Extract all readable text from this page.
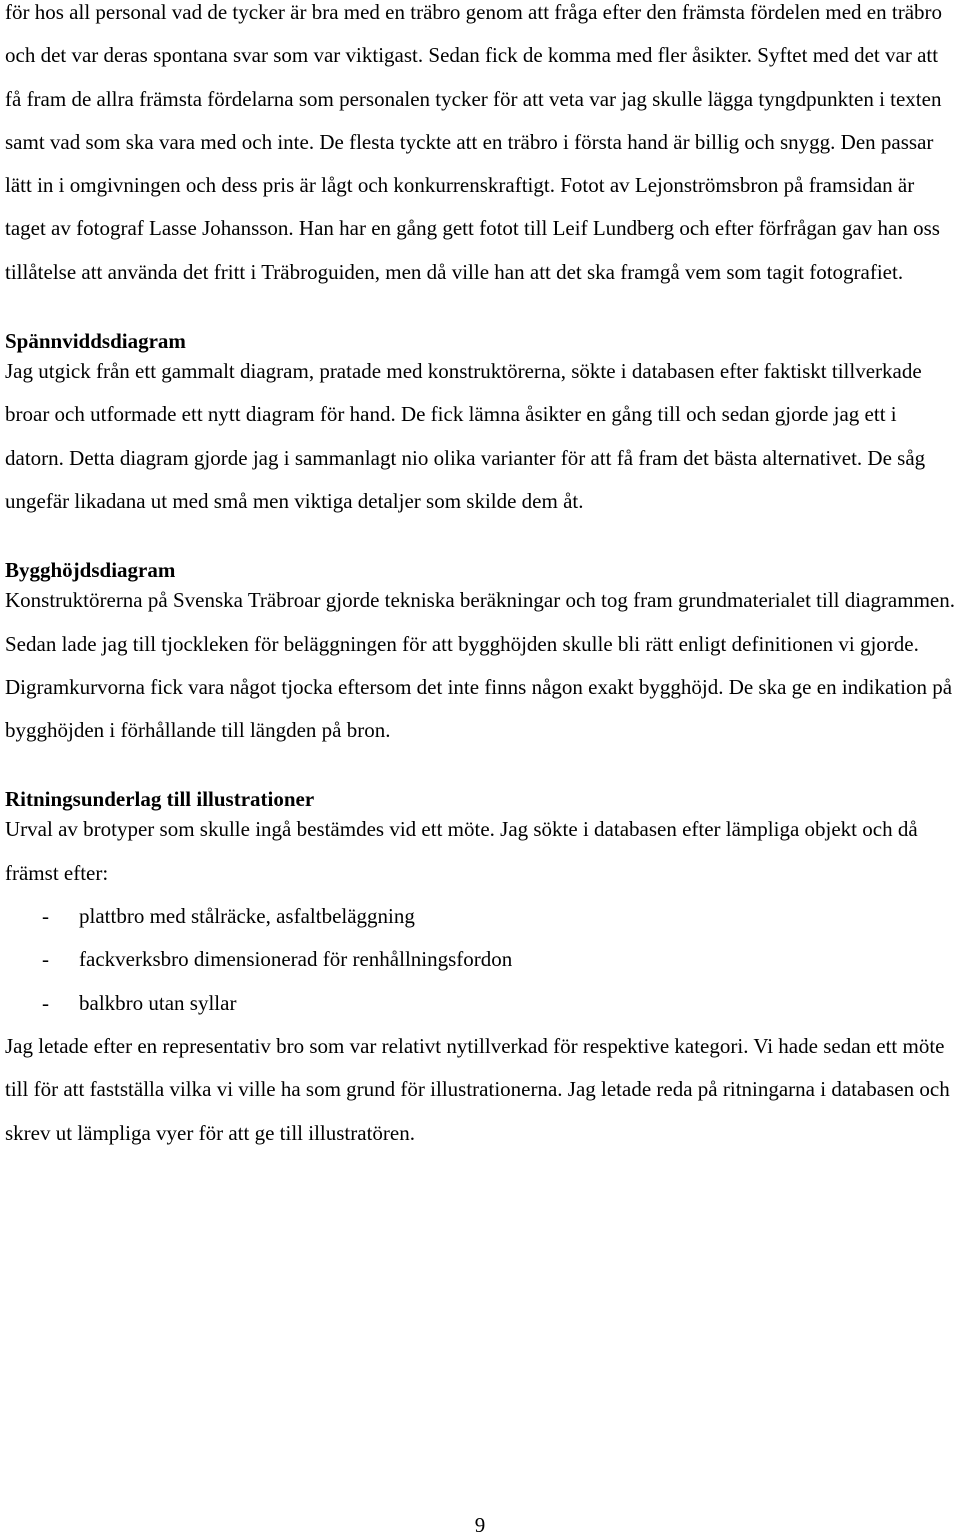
för hos all personal vad de tycker är bra med en träbro genom att fråga efter den främsta fördelen med en träbro och det var deras spontana svar som var viktigast. Sedan fick de komma med fler åsikter. Syftet med det var att få fram de allra främsta fördelarna som personalen tycker för att veta var jag skulle lägga tyngdpunkten i texten samt vad som ska vara med och inte. De flesta tyckte att en träbro i första hand är billig och snygg. Den passar lätt in i omgivningen och dess pris är lågt och konkurrenskraftigt. Fotot av Lejonströmsbron på framsidan är taget av fotograf Lasse Johansson. Han har en gång gett fotot till Leif Lundberg och efter förfrågan gav han oss tillåtelse att använda det fritt i Träbroguiden, men då ville han att det ska framgå vem som tagit fotografiet.

Spännviddsdiagram

Jag utgick från ett gammalt diagram, pratade med konstruktörerna, sökte i databasen efter faktiskt tillverkade broar och utformade ett nytt diagram för hand. De fick lämna åsikter en gång till och sedan gjorde jag ett i datorn. Detta diagram gjorde jag i sammanlagt nio olika varianter för att få fram det bästa alternativet. De såg ungefär likadana ut med små men viktiga detaljer som skilde dem åt.

Bygghöjdsdiagram

Konstruktörerna på Svenska Träbroar gjorde tekniska beräkningar och tog fram grundmaterialet till diagrammen. Sedan lade jag till tjockleken för beläggningen för att bygghöjden skulle bli rätt enligt definitionen vi gjorde. Digramkurvorna fick vara något tjocka eftersom det inte finns någon exakt bygghöjd. De ska ge en indikation på bygghöjden i förhållande till längden på bron.

Ritningsunderlag till illustrationer

Urval av brotyper som skulle ingå bestämdes vid ett möte. Jag sökte i databasen efter lämpliga objekt och då främst efter:

- plattbro med stålräcke, asfaltbeläggning
- fackverksbro dimensionerad för renhållningsfordon
- balkbro utan syllar

Jag letade efter en representativ bro som var relativt nytillverkad för respektive kategori. Vi hade sedan ett möte till för att fastställa vilka vi ville ha som grund för illustrationerna. Jag letade reda på ritningarna i databasen och skrev ut lämpliga vyer för att ge till illustratören.

9
